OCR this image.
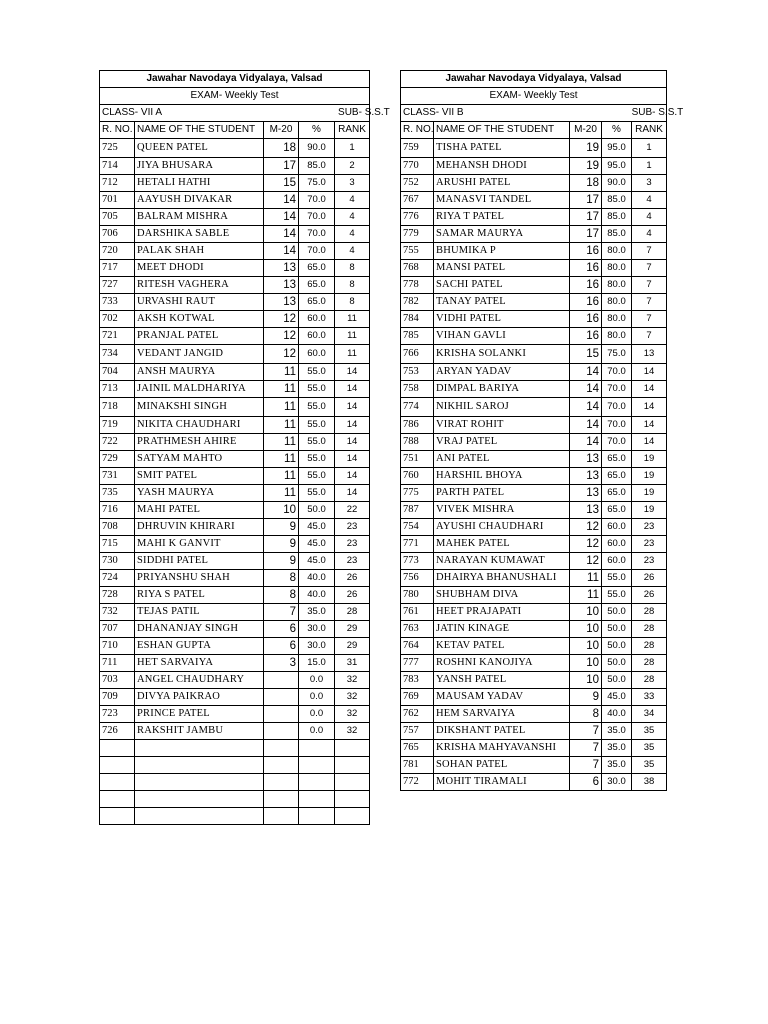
Jawahar Navodaya Vidyalaya, Valsad				
EXAM- Weekly Test				
CLASS- VII A SUB- S.S.T				
R. NO.	NAME OF THE STUDENT	M-20	%	RANK
725	QUEEN PATEL	18	90.0	1
714	JIYA BHUSARA	17	85.0	2
712	HETALI HATHI	15	75.0	3
701	AAYUSH DIVAKAR	14	70.0	4
705	BALRAM MISHRA	14	70.0	4
706	DARSHIKA SABLE	14	70.0	4
720	PALAK SHAH	14	70.0	4
717	MEET DHODI	13	65.0	8
727	RITESH VAGHERA	13	65.0	8
733	URVASHI RAUT	13	65.0	8
702	AKSH KOTWAL	12	60.0	11
721	PRANJAL PATEL	12	60.0	11
734	VEDANT JANGID	12	60.0	11
704	ANSH MAURYA	11	55.0	14
713	JAINIL MALDHARIYA	11	55.0	14
718	MINAKSHI SINGH	11	55.0	14
719	NIKITA CHAUDHARI	11	55.0	14
722	PRATHMESH AHIRE	11	55.0	14
729	SATYAM MAHTO	11	55.0	14
731	SMIT PATEL	11	55.0	14
735	YASH MAURYA	11	55.0	14
716	MAHI PATEL	10	50.0	22
708	DHRUVIN KHIRARI	9	45.0	23
715	MAHI K GANVIT	9	45.0	23
730	SIDDHI PATEL	9	45.0	23
724	PRIYANSHU SHAH	8	40.0	26
728	RIYA S PATEL	8	40.0	26
732	TEJAS PATIL	7	35.0	28
707	DHANANJAY SINGH	6	30.0	29
710	ESHAN GUPTA	6	30.0	29
711	HET SARVAIYA	3	15.0	31
703	ANGEL CHAUDHARY		0.0	32
709	DIVYA PAIKRAO		0.0	32
723	PRINCE PATEL		0.0	32
726	RAKSHIT JAMBU		0.0	32

Jawahar Navodaya Vidyalaya, Valsad				
EXAM- Weekly Test				
CLASS- VII B SUB- S.S.T				
R. NO.	NAME OF THE STUDENT	M-20	%	RANK
759	TISHA PATEL	19	95.0	1
770	MEHANSH DHODI	19	95.0	1
752	ARUSHI PATEL	18	90.0	3
767	MANASVI TANDEL	17	85.0	4
776	RIYA T PATEL	17	85.0	4
779	SAMAR MAURYA	17	85.0	4
755	BHUMIKA P	16	80.0	7
768	MANSI PATEL	16	80.0	7
778	SACHI PATEL	16	80.0	7
782	TANAY PATEL	16	80.0	7
784	VIDHI PATEL	16	80.0	7
785	VIHAN GAVLI	16	80.0	7
766	KRISHA SOLANKI	15	75.0	13
753	ARYAN YADAV	14	70.0	14
758	DIMPAL BARIYA	14	70.0	14
774	NIKHIL SAROJ	14	70.0	14
786	VIRAT ROHIT	14	70.0	14
788	VRAJ PATEL	14	70.0	14
751	ANI PATEL	13	65.0	19
760	HARSHIL BHOYA	13	65.0	19
775	PARTH PATEL	13	65.0	19
787	VIVEK MISHRA	13	65.0	19
754	AYUSHI CHAUDHARI	12	60.0	23
771	MAHEK PATEL	12	60.0	23
773	NARAYAN KUMAWAT	12	60.0	23
756	DHAIRYA BHANUSHALI	11	55.0	26
780	SHUBHAM DIVA	11	55.0	26
761	HEET PRAJAPATI	10	50.0	28
763	JATIN KINAGE	10	50.0	28
764	KETAV PATEL	10	50.0	28
777	ROSHNI KANOJIYA	10	50.0	28
783	YANSH PATEL	10	50.0	28
769	MAUSAM YADAV	9	45.0	33
762	HEM SARVAIYA	8	40.0	34
757	DIKSHANT PATEL	7	35.0	35
765	KRISHA MAHYAVANSHI	7	35.0	35
781	SOHAN PATEL	7	35.0	35
772	MOHIT TIRAMALI	6	30.0	38
